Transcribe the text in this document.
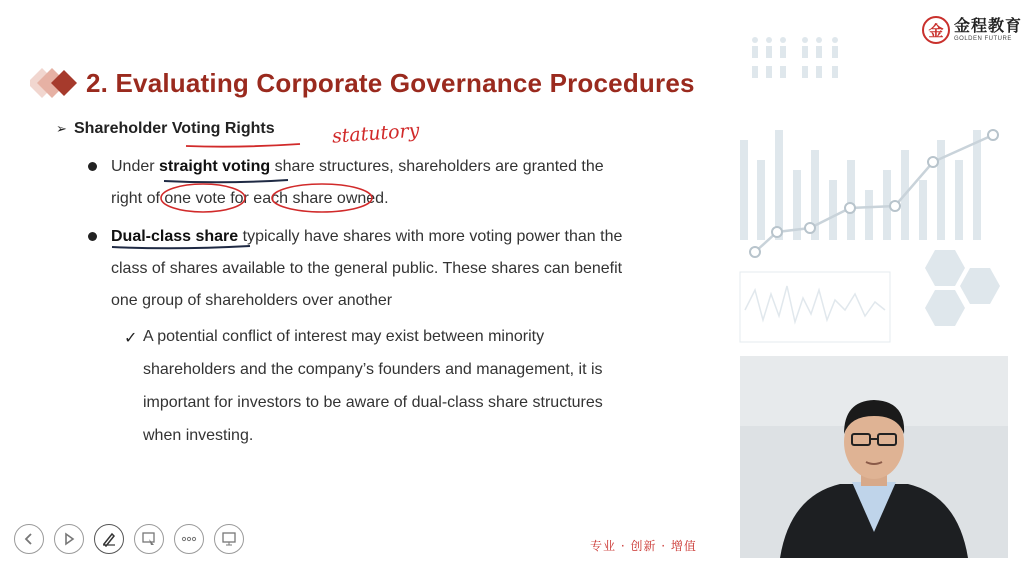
金 金程教育
GOLDEN FUTURE
2. Evaluating Corporate Governance Procedures
➢ Shareholder Voting Rights
Under straight voting share structures, shareholders are granted the
right of one vote for each share owned.
Dual-class share typically have shares with more voting power than the
class of shares available to the general public. These shares can benefit
one group of shareholders over another
✓ A potential conflict of interest may exist between minority
shareholders and the company’s founders and management, it is
important for investors to be aware of dual-class share structures
when investing.
statutory
专业 · 创新 · 增值
